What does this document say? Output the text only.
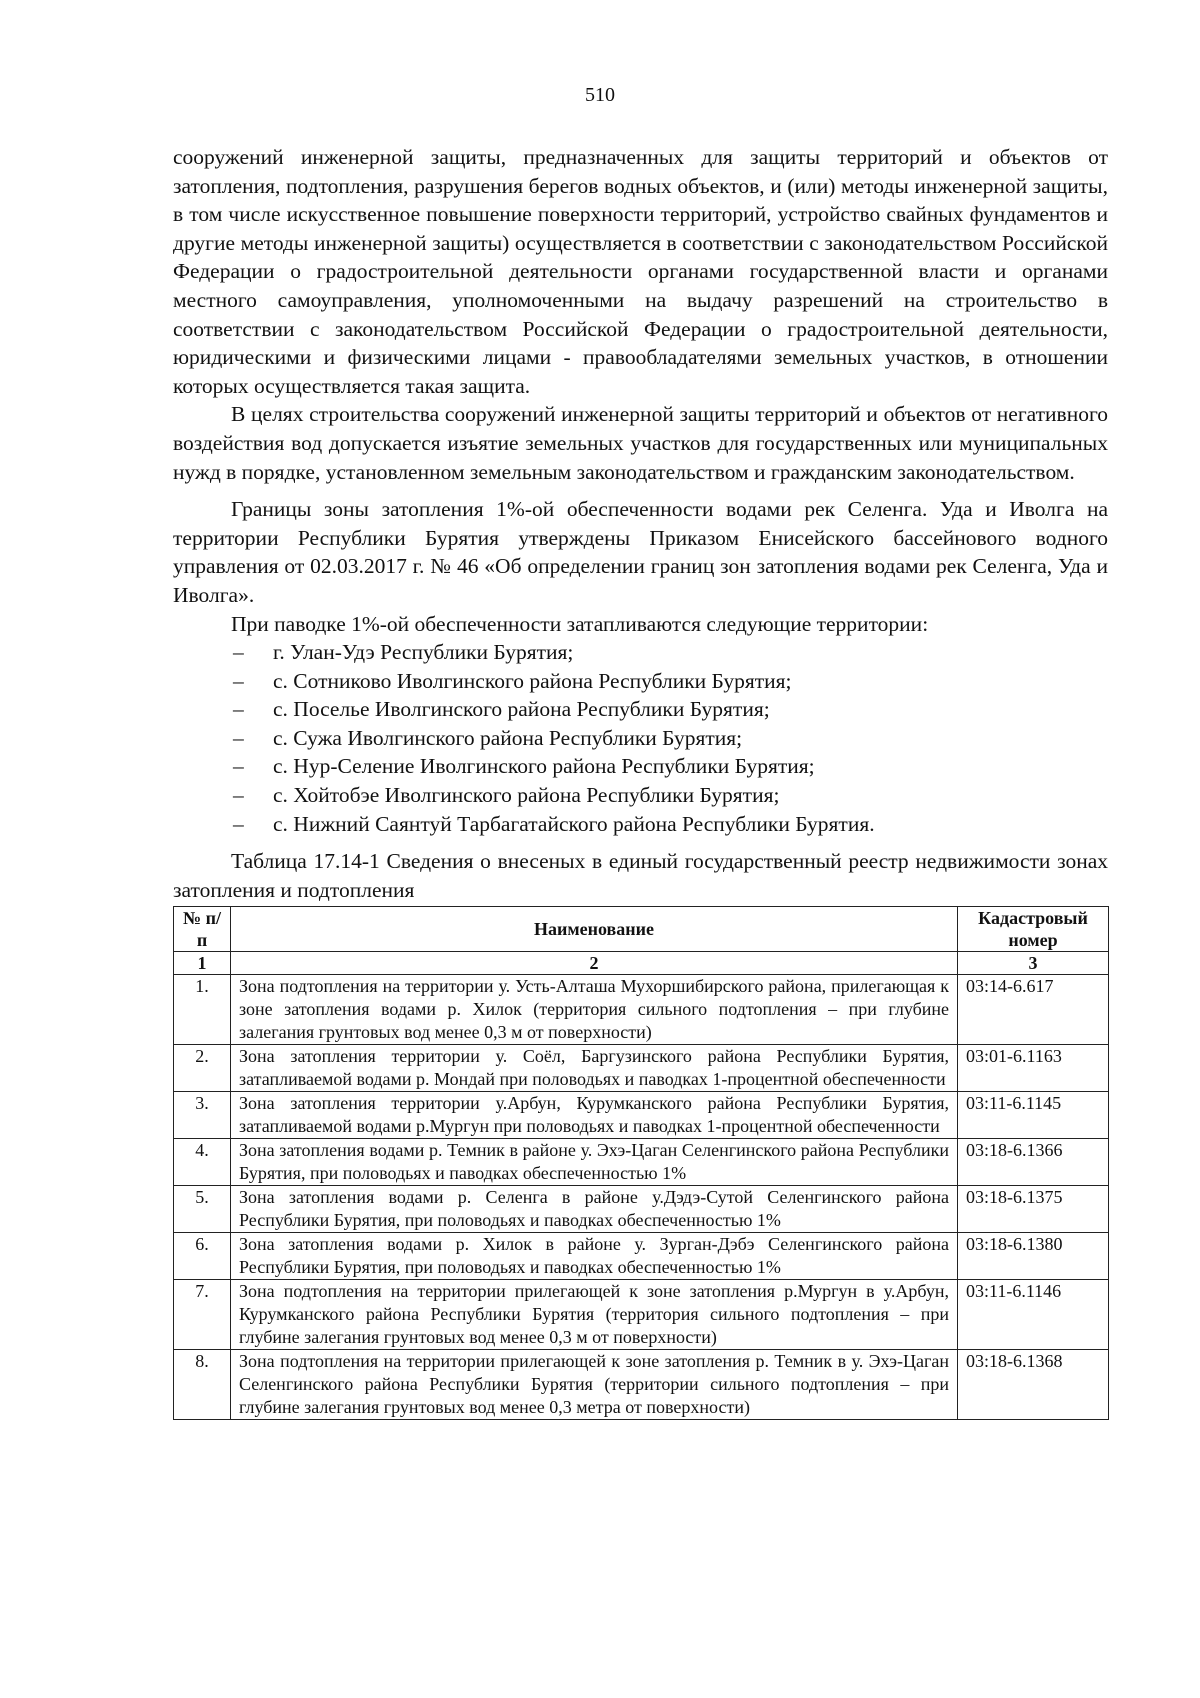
510

сооружений инженерной защиты, предназначенных для защиты территорий и объектов от затопления, подтопления, разрушения берегов водных объектов, и (или) методы инженерной защиты, в том числе искусственное повышение поверхности территорий, устройство свайных фундаментов и другие методы инженерной защиты) осуществляется в соответствии с законодательством Российской Федерации о градостроительной деятельности органами государственной власти и органами местного самоуправления, уполномоченными на выдачу разрешений на строительство в соответствии с законодательством Российской Федерации о градостроительной деятельности, юридическими и физическими лицами - правообладателями земельных участков, в отношении которых осуществляется такая защита.

В целях строительства сооружений инженерной защиты территорий и объектов от негативного воздействия вод допускается изъятие земельных участков для государственных или муниципальных нужд в порядке, установленном земельным законодательством и гражданским законодательством.

Границы зоны затопления 1%-ой обеспеченности водами рек Селенга. Уда и Иволга на территории Республики Бурятия утверждены Приказом Енисейского бассейнового водного управления от 02.03.2017 г. № 46 «Об определении границ зон затопления водами рек Селенга, Уда и Иволга».

При паводке 1%-ой обеспеченности затапливаются следующие территории:

– г. Улан-Удэ Республики Бурятия;
– с. Сотниково Иволгинского района Республики Бурятия;
– с. Поселье Иволгинского района Республики Бурятия;
– с. Сужа Иволгинского района Республики Бурятия;
– с. Нур-Селение Иволгинского района Республики Бурятия;
– с. Хойтобэе Иволгинского района Республики Бурятия;
– с. Нижний Саянтуй Тарбагатайского района Республики Бурятия.

Таблица 17.14-1 Сведения о внесеных в единый государственный реестр недвижимости зонах затопления и подтопления

№ п/п	Наименование	Кадастровый номер
1	2	3
1.	Зона подтопления на территории у. Усть-Алташа Мухоршибирского района, прилегающая к зоне затопления водами р. Хилок (территория сильного подтопления – при глубине залегания грунтовых вод менее 0,3 м от поверхности)	03:14-6.617
2.	Зона затопления территории у. Соёл, Баргузинского района Республики Бурятия, затапливаемой водами р. Мондай при половодьях и паводках 1-процентной обеспеченности	03:01-6.1163
3.	Зона затопления территории у.Арбун, Курумканского района Республики Бурятия, затапливаемой водами р.Мургун при половодьях и паводках 1-процентной обеспеченности	03:11-6.1145
4.	Зона затопления водами р. Темник в районе у. Эхэ-Цаган Селенгинского района Республики Бурятия, при половодьях и паводках обеспеченностью 1%	03:18-6.1366
5.	Зона затопления водами р. Селенга в районе у.Дэдэ-Сутой Селенгинского района Республики Бурятия, при половодьях и паводках обеспеченностью 1%	03:18-6.1375
6.	Зона затопления водами р. Хилок в районе у. Зурган-Дэбэ Селенгинского района Республики Бурятия, при половодьях и паводках обеспеченностью 1%	03:18-6.1380
7.	Зона подтопления на территории прилегающей к зоне затопления р.Мургун в у.Арбун, Курумканского района Республики Бурятия (территория сильного подтопления – при глубине залегания грунтовых вод менее 0,3 м от поверхности)	03:11-6.1146
8.	Зона подтопления на территории прилегающей к зоне затопления р. Темник в у. Эхэ-Цаган Селенгинского района Республики Бурятия (территории сильного подтопления – при глубине залегания грунтовых вод менее 0,3 метра от поверхности)	03:18-6.1368
